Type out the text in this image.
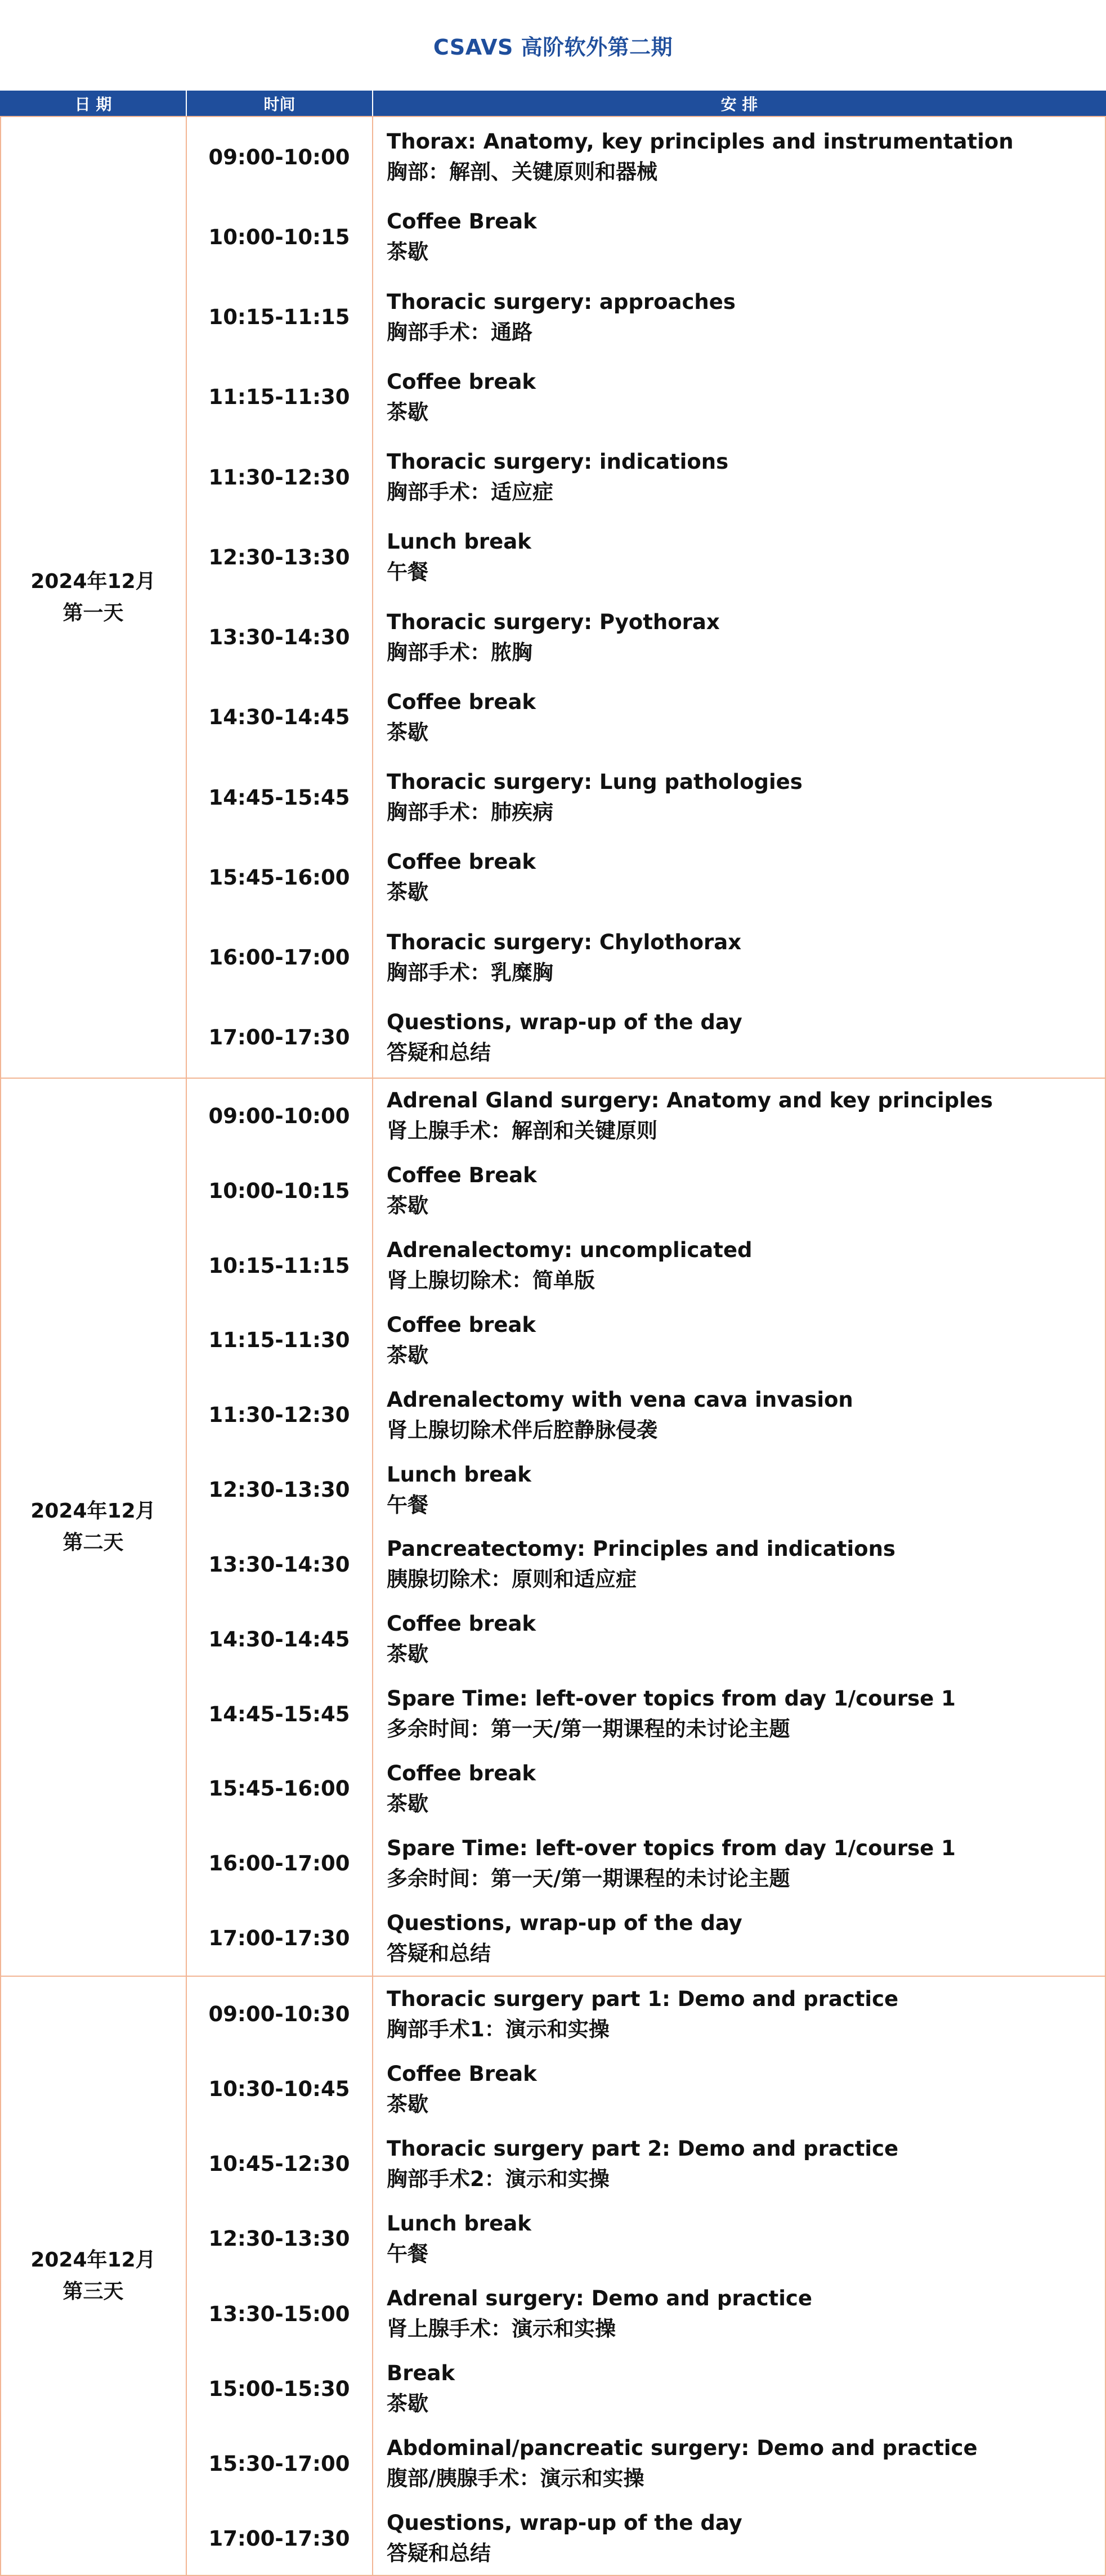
CSAVS 高阶软外第二期
日 期	时间	安 排
2024年12月
第一天
09:00-10:00
Thorax: Anatomy, key principles and instrumentation
胸部：解剖、关键原则和器械
10:00-10:15
Coffee Break
茶歇
10:15-11:15
Thoracic surgery: approaches
胸部手术：通路
11:15-11:30
Coffee break
茶歇
11:30-12:30
Thoracic surgery: indications
胸部手术：适应症
12:30-13:30
Lunch break
午餐
13:30-14:30
Thoracic surgery: Pyothorax
胸部手术：脓胸
14:30-14:45
Coffee break
茶歇
14:45-15:45
Thoracic surgery: Lung pathologies
胸部手术：肺疾病
15:45-16:00
Coffee break
茶歇
16:00-17:00
Thoracic surgery: Chylothorax
胸部手术：乳糜胸
17:00-17:30
Questions, wrap-up of the day
答疑和总结
2024年12月
第二天
09:00-10:00
Adrenal Gland surgery: Anatomy and key principles
肾上腺手术：解剖和关键原则
10:00-10:15
Coffee Break
茶歇
10:15-11:15
Adrenalectomy: uncomplicated
肾上腺切除术：简单版
11:15-11:30
Coffee break
茶歇
11:30-12:30
Adrenalectomy with vena cava invasion
肾上腺切除术伴后腔静脉侵袭
12:30-13:30
Lunch break
午餐
13:30-14:30
Pancreatectomy: Principles and indications
胰腺切除术：原则和适应症
14:30-14:45
Coffee break
茶歇
14:45-15:45
Spare Time: left-over topics from day 1/course 1
多余时间：第一天/第一期课程的未讨论主题
15:45-16:00
Coffee break
茶歇
16:00-17:00
Spare Time: left-over topics from day 1/course 1
多余时间：第一天/第一期课程的未讨论主题
17:00-17:30
Questions, wrap-up of the day
答疑和总结
2024年12月
第三天
09:00-10:30
Thoracic surgery part 1: Demo and practice
胸部手术1：演示和实操
10:30-10:45
Coffee Break
茶歇
10:45-12:30
Thoracic surgery part 2: Demo and practice
胸部手术2：演示和实操
12:30-13:30
Lunch break
午餐
13:30-15:00
Adrenal surgery: Demo and practice
肾上腺手术：演示和实操
15:00-15:30
Break
茶歇
15:30-17:00
Abdominal/pancreatic surgery: Demo and practice
腹部/胰腺手术：演示和实操
17:00-17:30
Questions, wrap-up of the day
答疑和总结
